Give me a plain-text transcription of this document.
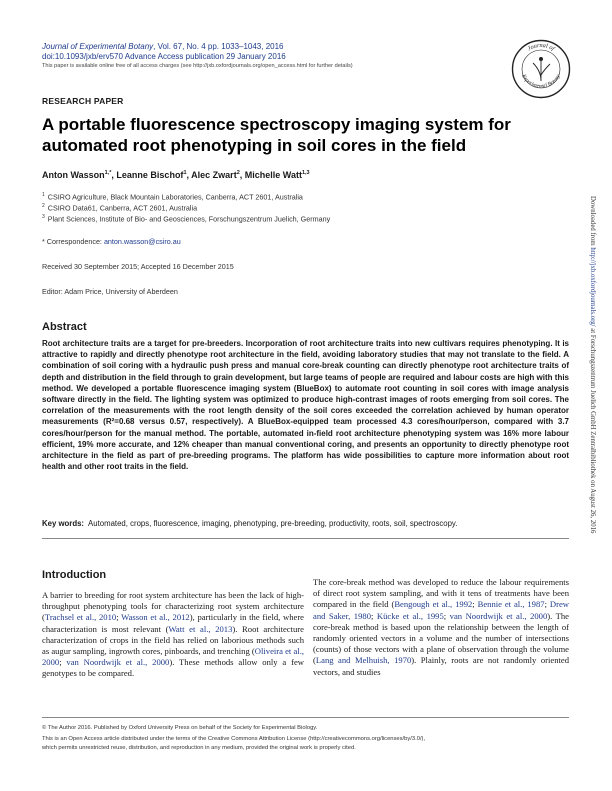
Journal of Experimental Botany, Vol. 67, No. 4 pp. 1033–1043, 2016
doi:10.1093/jxb/erv570 Advance Access publication 29 January 2016
This paper is available online free of all access charges (see http://jxb.oxfordjournals.org/open_access.html for further details)
Journal of
Experimental Botany
RESEARCH PAPER
A portable fluorescence spectroscopy imaging system for automated root phenotyping in soil cores in the field
Anton Wasson$^{1,*}$, Leanne Bischof$^1$, Alec Zwart$^2$, Michelle Watt$^{1,3}$
$^1$ CSIRO Agriculture, Black Mountain Laboratories, Canberra, ACT 2601, Australia
$^2$ CSIRO Data61, Canberra, ACT 2601, Australia
$^3$ Plant Sciences, Institute of Bio- and Geosciences, Forschungszentrum Juelich, Germany
* Correspondence: anton.wasson@csiro.au
Received 30 September 2015; Accepted 16 December 2015
Editor: Adam Price, University of Aberdeen
Abstract
Root architecture traits are a target for pre-breeders. Incorporation of root architecture traits into new cultivars requires phenotyping. It is attractive to rapidly and directly phenotype root architecture in the field, avoiding laboratory studies that may not translate to the field. A combination of soil coring with a hydraulic push press and manual core-break counting can directly phenotype root architecture traits of depth and distribution in the field through to grain development, but large teams of people are required and labour costs are high with this method. We developed a portable fluorescence imaging system (BlueBox) to automate root counting in soil cores with image analysis software directly in the field. The lighting system was optimized to produce high-contrast images of roots emerging from soil cores. The correlation of the measurements with the root length density of the soil cores exceeded the correlation achieved by human operator measurements (R²=0.68 versus 0.57, respectively). A BlueBox-equipped team processed 4.3 cores/hour/person, compared with 3.7 cores/hour/person for the manual method. The portable, automated in-field root architecture phenotyping system was 16% more labour efficient, 19% more accurate, and 12% cheaper than manual conventional coring, and presents an opportunity to directly phenotype root architecture in the field as part of pre-breeding programs. The platform has wide possibilities to capture more information about root health and other root traits in the field.
Key words: Automated, crops, fluorescence, imaging, phenotyping, pre-breeding, productivity, roots, soil, spectroscopy.
Introduction
A barrier to breeding for root system architecture has been the lack of high-throughput phenotyping tools for characterizing root system architecture (Trachsel et al., 2010; Wasson et al., 2012), particularly in the field, where characterization is most relevant (Watt et al., 2013). Root architecture characterization of crops in the field has relied on laborious methods such as augur sampling, ingrowth cores, pinboards, and trenching (Oliveira et al., 2000; van Noordwijk et al., 2000). These methods allow only a few genotypes to be compared.
The core-break method was developed to reduce the labour requirements of direct root system sampling, and with it tens of treatments have been compared in the field (Bengough et al., 1992; Bennie et al., 1987; Drew and Saker, 1980; Kücke et al., 1995; van Noordwijk et al., 2000). The core-break method is based upon the relationship between the length of randomly oriented vectors in a volume and the number of intersections (counts) of those vectors with a plane of observation through the volume (Lang and Melhuish, 1970). Plainly, roots are not randomly oriented vectors, and studies
© The Author 2016. Published by Oxford University Press on behalf of the Society for Experimental Biology.
This is an Open Access article distributed under the terms of the Creative Commons Attribution License (http://creativecommons.org/licenses/by/3.0/),
which permits unrestricted reuse, distribution, and reproduction in any medium, provided the original work is properly cited.
Downloaded from http://jxb.oxfordjournals.org/ at Forschungszentrum Juelich GmbH Zentralbibliothek on August 26, 2016
